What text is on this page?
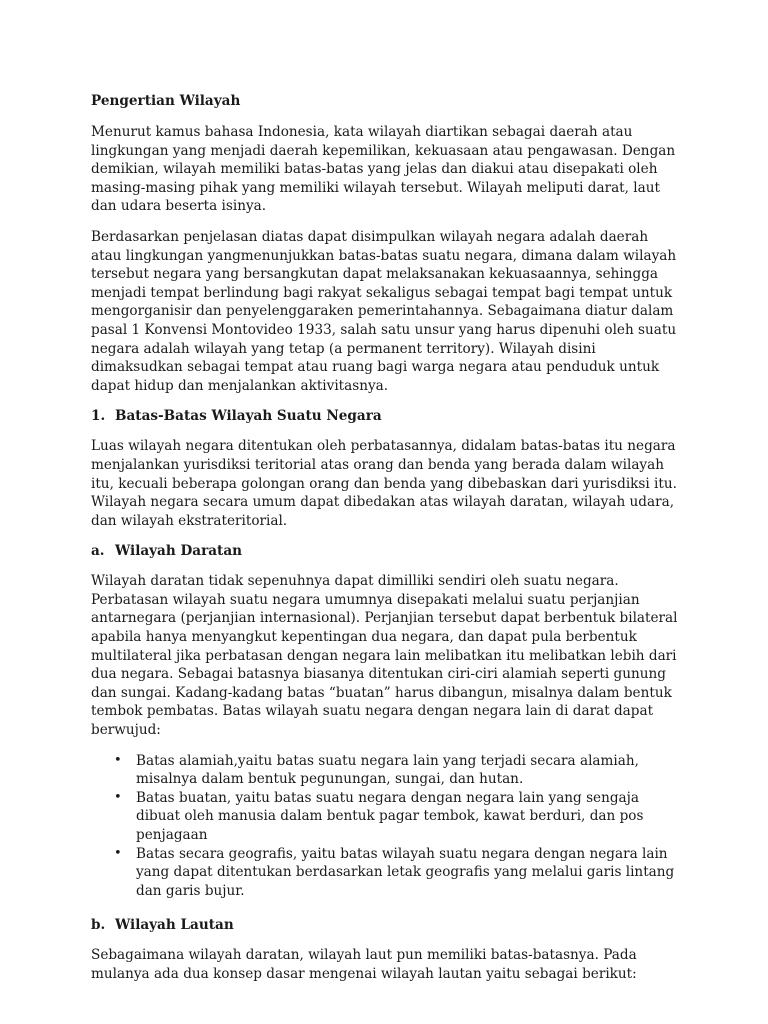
Pengertian Wilayah

Menurut kamus bahasa Indonesia, kata wilayah diartikan sebagai daerah atau lingkungan yang menjadi daerah kepemilikan, kekuasaan atau pengawasan. Dengan demikian, wilayah memiliki batas-batas yang jelas dan diakui atau disepakati oleh masing-masing pihak yang memiliki wilayah tersebut. Wilayah meliputi darat, laut dan udara beserta isinya.

Berdasarkan penjelasan diatas dapat disimpulkan wilayah negara adalah daerah atau lingkungan yangmenunjukkan batas-batas suatu negara, dimana dalam wilayah tersebut negara yang bersangkutan dapat melaksanakan kekuasaannya, sehingga menjadi tempat berlindung bagi rakyat sekaligus sebagai tempat bagi tempat untuk mengorganisir dan penyelenggaraken pemerintahannya. Sebagaimana diatur dalam pasal 1 Konvensi Montovideo 1933, salah satu unsur yang harus dipenuhi oleh suatu negara adalah wilayah yang tetap (a permanent territory). Wilayah disini dimaksudkan sebagai tempat atau ruang bagi warga negara atau penduduk untuk dapat hidup dan menjalankan aktivitasnya.

1. Batas-Batas Wilayah Suatu Negara

Luas wilayah negara ditentukan oleh perbatasannya, didalam batas-batas itu negara menjalankan yurisdiksi teritorial atas orang dan benda yang berada dalam wilayah itu, kecuali beberapa golongan orang dan benda yang dibebaskan dari yurisdiksi itu. Wilayah negara secara umum dapat dibedakan atas wilayah daratan, wilayah udara, dan wilayah ekstrateritorial.

a. Wilayah Daratan

Wilayah daratan tidak sepenuhnya dapat dimilliki sendiri oleh suatu negara. Perbatasan wilayah suatu negara umumnya disepakati melalui suatu perjanjian antarnegara (perjanjian internasional). Perjanjian tersebut dapat berbentuk bilateral apabila hanya menyangkut kepentingan dua negara, dan dapat pula berbentuk multilateral jika perbatasan dengan negara lain melibatkan itu melibatkan lebih dari dua negara. Sebagai batasnya biasanya ditentukan ciri-ciri alamiah seperti gunung dan sungai. Kadang-kadang batas “buatan” harus dibangun, misalnya dalam bentuk tembok pembatas. Batas wilayah suatu negara dengan negara lain di darat dapat berwujud:

• Batas alamiah,yaitu batas suatu negara lain yang terjadi secara alamiah, misalnya dalam bentuk pegunungan, sungai, dan hutan.
• Batas buatan, yaitu batas suatu negara dengan negara lain yang sengaja dibuat oleh manusia dalam bentuk pagar tembok, kawat berduri, dan pos penjagaan
• Batas secara geografis, yaitu batas wilayah suatu negara dengan negara lain yang dapat ditentukan berdasarkan letak geografis yang melalui garis lintang dan garis bujur.
b. Wilayah Lautan

Sebagaimana wilayah daratan, wilayah laut pun memiliki batas-batasnya. Pada mulanya ada dua konsep dasar mengenai wilayah lautan yaitu sebagai berikut:
